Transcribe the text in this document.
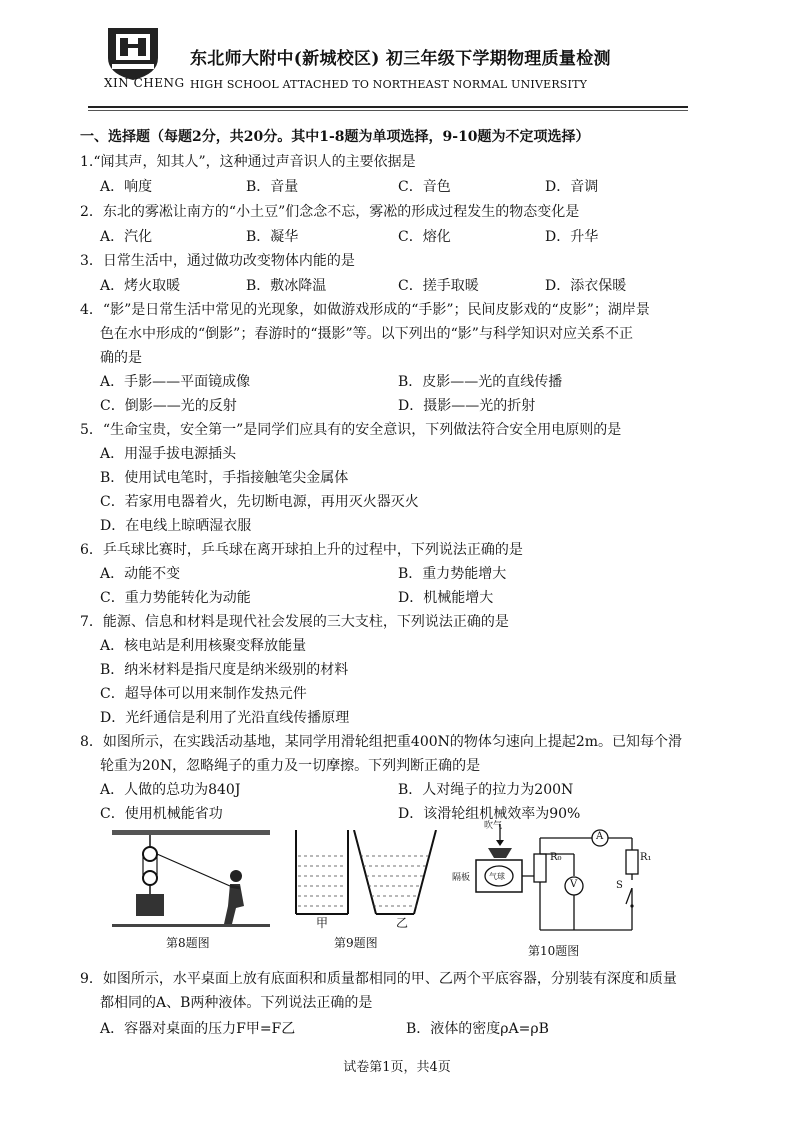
XIN CHENG
东北师大附中(新城校区) 初三年级下学期物理质量检测
HIGH SCHOOL ATTACHED TO NORTHEAST NORMAL UNIVERSITY
一、选择题（每题2分，共20分。其中1-8题为单项选择，9-10题为不定项选择）
1.“闻其声，知其人”，这种通过声音识人的主要依据是
A．响度	B．音量	C．音色	D．音调
2．东北的雾凇让南方的“小土豆”们念念不忘，雾凇的形成过程发生的物态变化是
A．汽化	B．凝华	C．熔化	D．升华
3．日常生活中，通过做功改变物体内能的是
A．烤火取暖	B．敷冰降温	C．搓手取暖	D．添衣保暖
4．“影”是日常生活中常见的光现象，如做游戏形成的“手影”；民间皮影戏的“皮影”；湖岸景
色在水中形成的“倒影”；春游时的“摄影”等。以下列出的“影”与科学知识对应关系不正
确的是
A．手影——平面镜成像	B．皮影——光的直线传播
C．倒影——光的反射	D．摄影——光的折射
5．“生命宝贵，安全第一”是同学们应具有的安全意识，下列做法符合安全用电原则的是
A．用湿手拔电源插头
B．使用试电笔时，手指接触笔尖金属体
C．若家用电器着火，先切断电源，再用灭火器灭火
D．在电线上晾晒湿衣服
6．乒乓球比赛时，乒乓球在离开球拍上升的过程中，下列说法正确的是
A．动能不变	B．重力势能增大
C．重力势能转化为动能	D．机械能增大
7．能源、信息和材料是现代社会发展的三大支柱，下列说法正确的是
A．核电站是利用核聚变释放能量
B．纳米材料是指尺度是纳米级别的材料
C．超导体可以用来制作发热元件
D．光纤通信是利用了光沿直线传播原理
8．如图所示，在实践活动基地，某同学用滑轮组把重400N的物体匀速向上提起2m。已知每个滑
轮重为20N，忽略绳子的重力及一切摩擦。下列判断正确的是
A．人做的总功为840J	B．人对绳子的拉力为200N
C．使用机械能省功	D．该滑轮组机械效率为90%
第8题图
甲	乙
第9题图
吹气
隔板 气球
R₀	R₁
S
A
V
第10题图
9．如图所示，水平桌面上放有底面积和质量都相同的甲、乙两个平底容器，分别装有深度和质量
都相同的A、B两种液体。下列说法正确的是
A．容器对桌面的压力F甲=F乙	B．液体的密度ρA=ρB
试卷第1页，共4页
